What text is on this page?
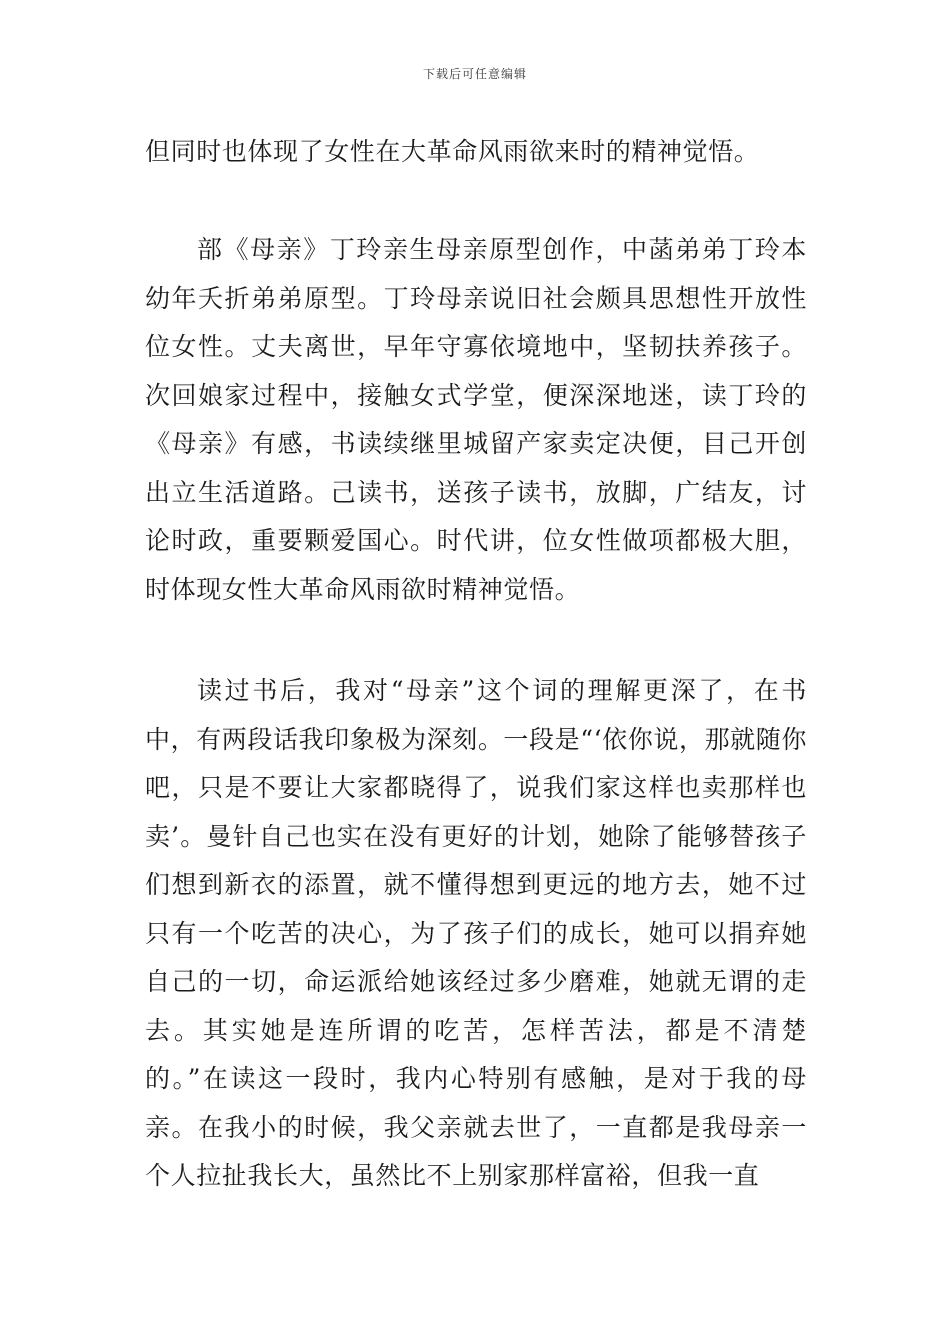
下载后可任意编辑

但同时也体现了女性在大革命风雨欲来时的精神觉悟。

部《母亲》丁玲亲生母亲原型创作，中菡弟弟丁玲本幼年夭折弟弟原型。丁玲母亲说旧社会颇具思想性开放性位女性。丈夫离世，早年守寡依境地中，坚韧扶养孩子。次回娘家过程中，接触女式学堂，便深深地迷，读丁玲的《母亲》有感，书读续继里城留产家卖定决便，目己开创出立生活道路。己读书，送孩子读书，放脚，广结友，讨论时政，重要颗爱国心。时代讲，位女性做项都极大胆，时体现女性大革命风雨欲时精神觉悟。

读过书后，我对“母亲”这个词的理解更深了，在书中，有两段话我印象极为深刻。一段是“‘依你说，那就随你吧，只是不要让大家都晓得了，说我们家这样也卖那样也卖’。曼针自己也实在没有更好的计划，她除了能够替孩子们想到新衣的添置，就不懂得想到更远的地方去，她不过只有一个吃苦的决心，为了孩子们的成长，她可以捐弃她自己的一切，命运派给她该经过多少磨难，她就无谓的走去。其实她是连所谓的吃苦，怎样苦法，都是不清楚的。”在读这一段时，我内心特别有感触，是对于我的母亲。在我小的时候，我父亲就去世了，一直都是我母亲一个人拉扯我长大，虽然比不上别家那样富裕，但我一直
